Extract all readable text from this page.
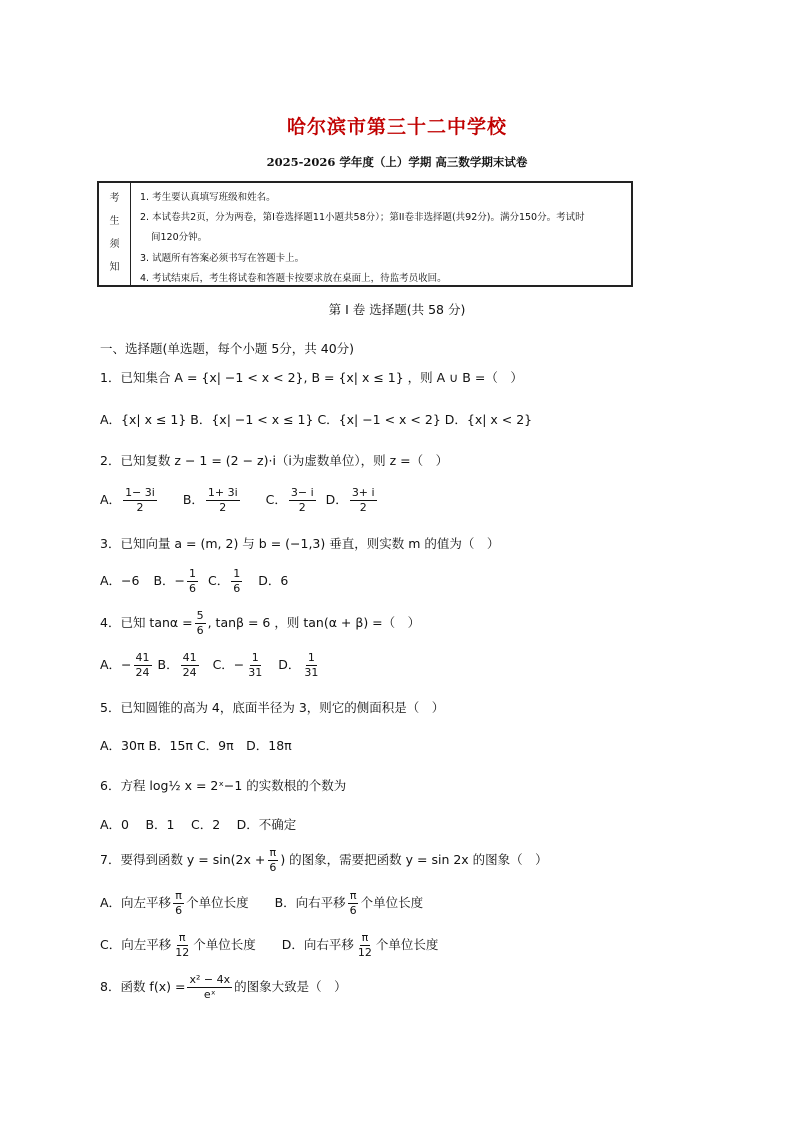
哈尔滨市第三十二中学校
2025-2026 学年度（上）学期 高三数学期末试卷
考
生
须
知
1. 考生要认真填写班级和姓名。
2. 本试卷共2页，分为两卷，第I卷选择题11小题共58分）；第II卷非选择题(共92分)。满分150分。考试时
间120分钟。
3. 试题所有答案必须书写在答题卡上。
4. 考试结束后，考生将试卷和答题卡按要求放在桌面上，待监考员收回。
第 I 卷 选择题(共 58 分)
一、选择题(单选题，每个小题 5分，共 40分)
1．已知集合 A = {x| −1 < x < 2}, B = {x| x ≤ 1} ，则 A ∪ B =（　）
A．{x| x ≤ 1} B．{x| −1 < x ≤ 1} C．{x| −1 < x < 2} D．{x| x < 2}
2．已知复数 z − 1 = (2 − z)·i（i为虚数单位），则 z =（　）
A． $\frac{1- 3i}{2}$ B． $\frac{1+ 3i}{2}$ C． $\frac{3- i}{2}$ D． $\frac{3+ i}{2}$
3．已知向量 a = (m, 2) 与 b = (−1,3) 垂直，则实数 m 的值为（　）
A．−6 B．− $\frac{1}{6}$ C． $\frac{1}{6}$ D．6
4．已知 $\tan\alpha = \frac{5}{6}$ , tanβ = 6 ，则 tan(α + β) =（　）
A．− $\frac{41}{24}$ B． $\frac{41}{24}$ C．− $\frac{1}{31}$ D． $\frac{1}{31}$
5．已知圆锥的高为 4，底面半径为 3，则它的侧面积是（　）
A．30π B．15π C．9π　D．18π
6．方程 log½ x = 2ˣ−1 的实数根的个数为
A．0　 B．1　 C．2　 D．不确定
7．要得到函数 $y = \sin(2x + \frac{\pi}{6}$ ) 的图象，需要把函数 y = sin 2x 的图象（　）
A．向左平移 $\frac{\pi}{6}$ 个单位长度 B．向右平移 $\frac{\pi}{6}$ 个单位长度
C．向左平移 $\frac{\pi}{12}$ 个单位长度 D．向右平移 $\frac{\pi}{12}$ 个单位长度
8．函数 $f(x) = \frac{\text{x² − 4x}}{\text{eˣ}}$ 的图象大致是（　）
